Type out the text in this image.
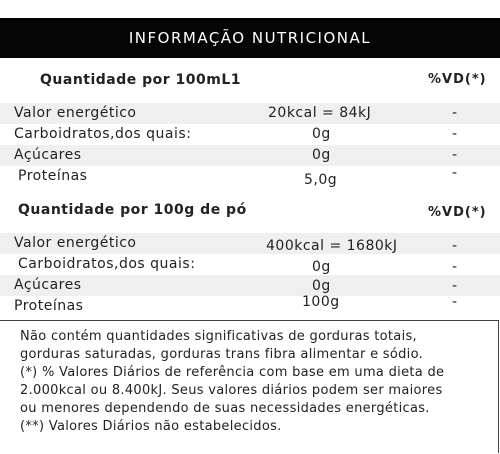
INFORMAÇÃO NUTRICIONAL
Quantidade por 100mL1	%VD(*)
Valor energético	20kcal = 84kJ	-
Carboidratos,dos quais:	0g	-
Açúcares	0g	-
Proteínas	5,0g	-
Quantidade por 100g de pó	%VD(*)
Valor energético	400kcal = 1680kJ	-
Carboidratos,dos quais:	0g	-
Açúcares	0g	-
Proteínas	100g	-
Não contém quantidades significativas de gorduras totais,
gorduras saturadas, gorduras trans fibra alimentar e sódio.
(*) % Valores Diários de referência com base em uma dieta de
2.000kcal ou 8.400kJ. Seus valores diários podem ser maiores
ou menores dependendo de suas necessidades energéticas.
(**) Valores Diários não estabelecidos.
